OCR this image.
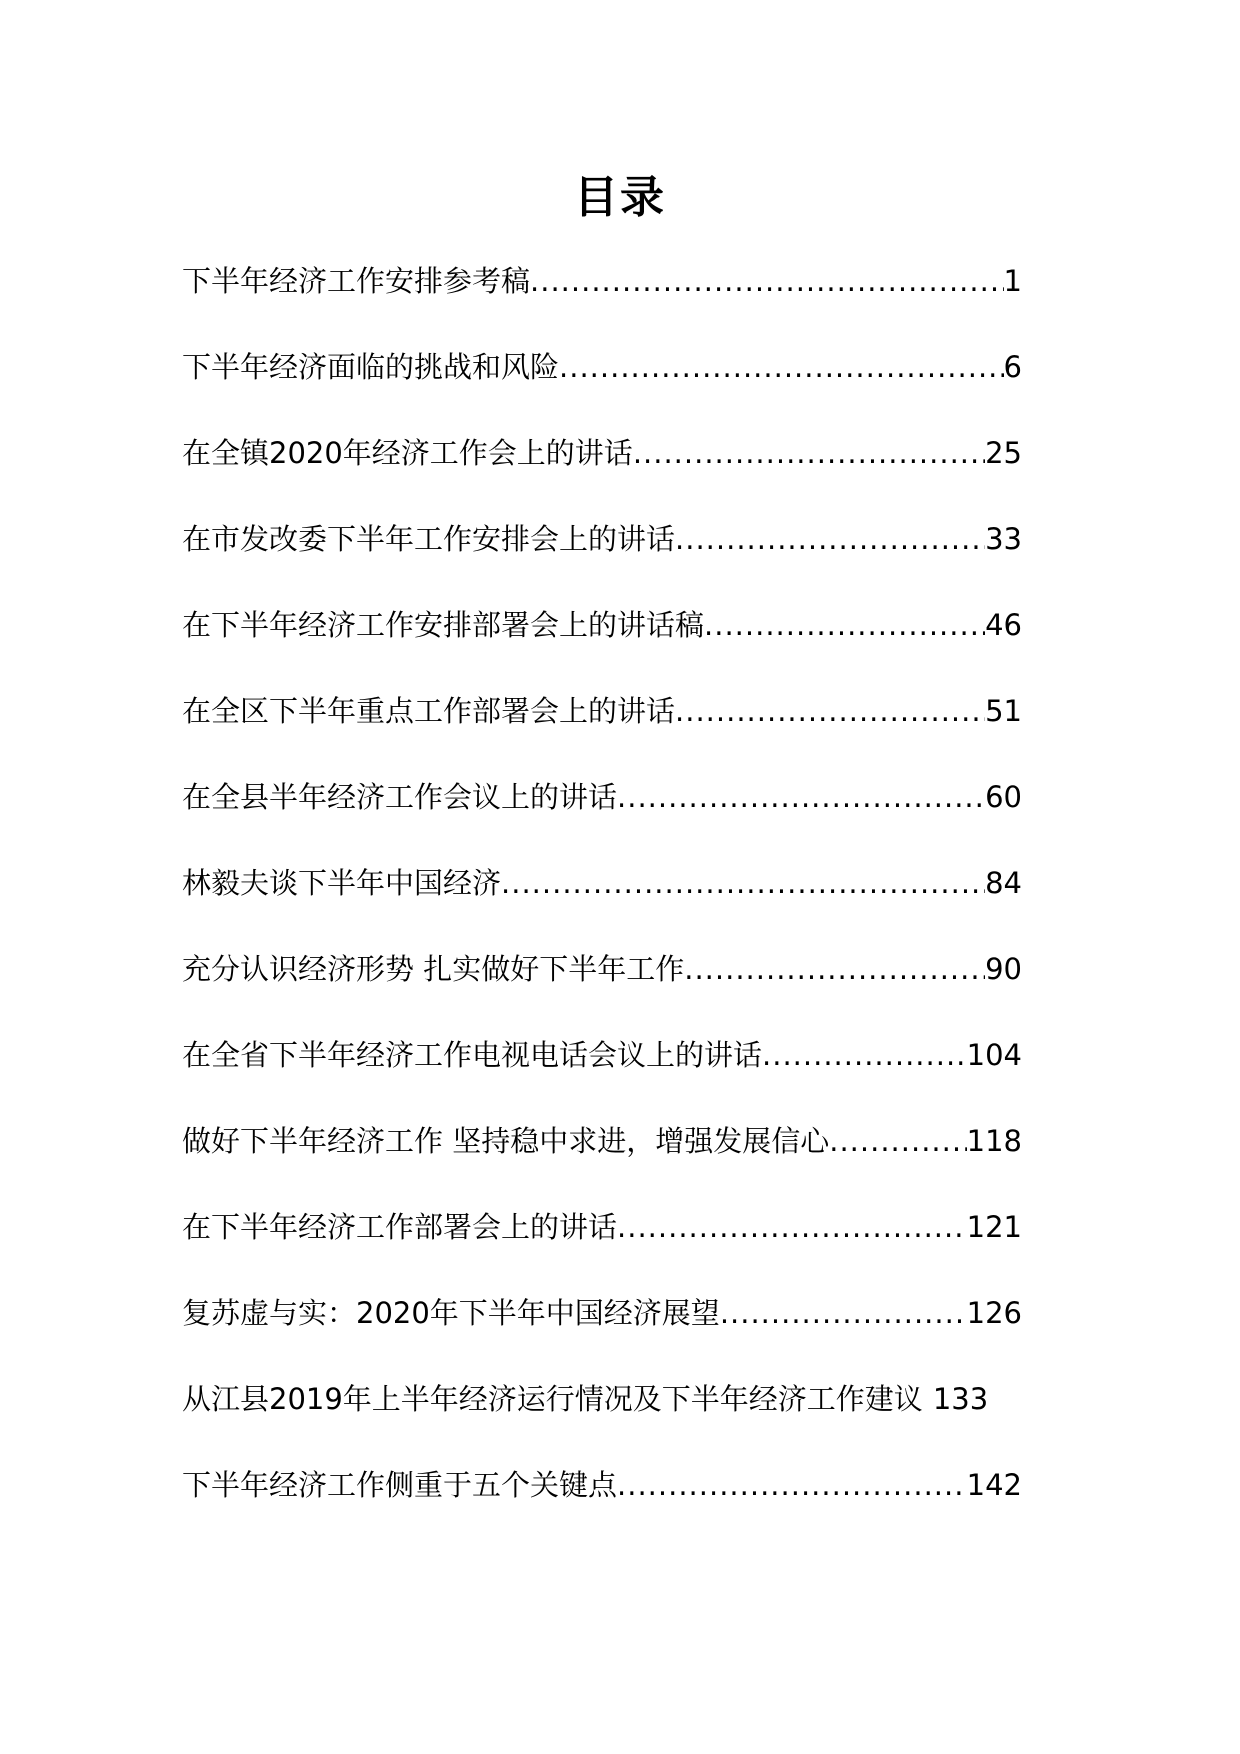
目录
下半年经济工作安排参考稿 .....	1
下半年经济面临的挑战和风险 .....	6
在全镇2020年经济工作会上的讲话 .....	25
在市发改委下半年工作安排会上的讲话 .....	33
在下半年经济工作安排部署会上的讲话稿 .....	46
在全区下半年重点工作部署会上的讲话 .....	51
在全县半年经济工作会议上的讲话 .....	60
林毅夫谈下半年中国经济 .....	84
充分认识经济形势 扎实做好下半年工作 .....	90
在全省下半年经济工作电视电话会议上的讲话 .....	104
做好下半年经济工作 坚持稳中求进，增强发展信心 .....	118
在下半年经济工作部署会上的讲话 .....	121
复苏虚与实：2020年下半年中国经济展望 .....	126
从江县2019年上半年经济运行情况及下半年经济工作建议 133
下半年经济工作侧重于五个关键点 .....	142
